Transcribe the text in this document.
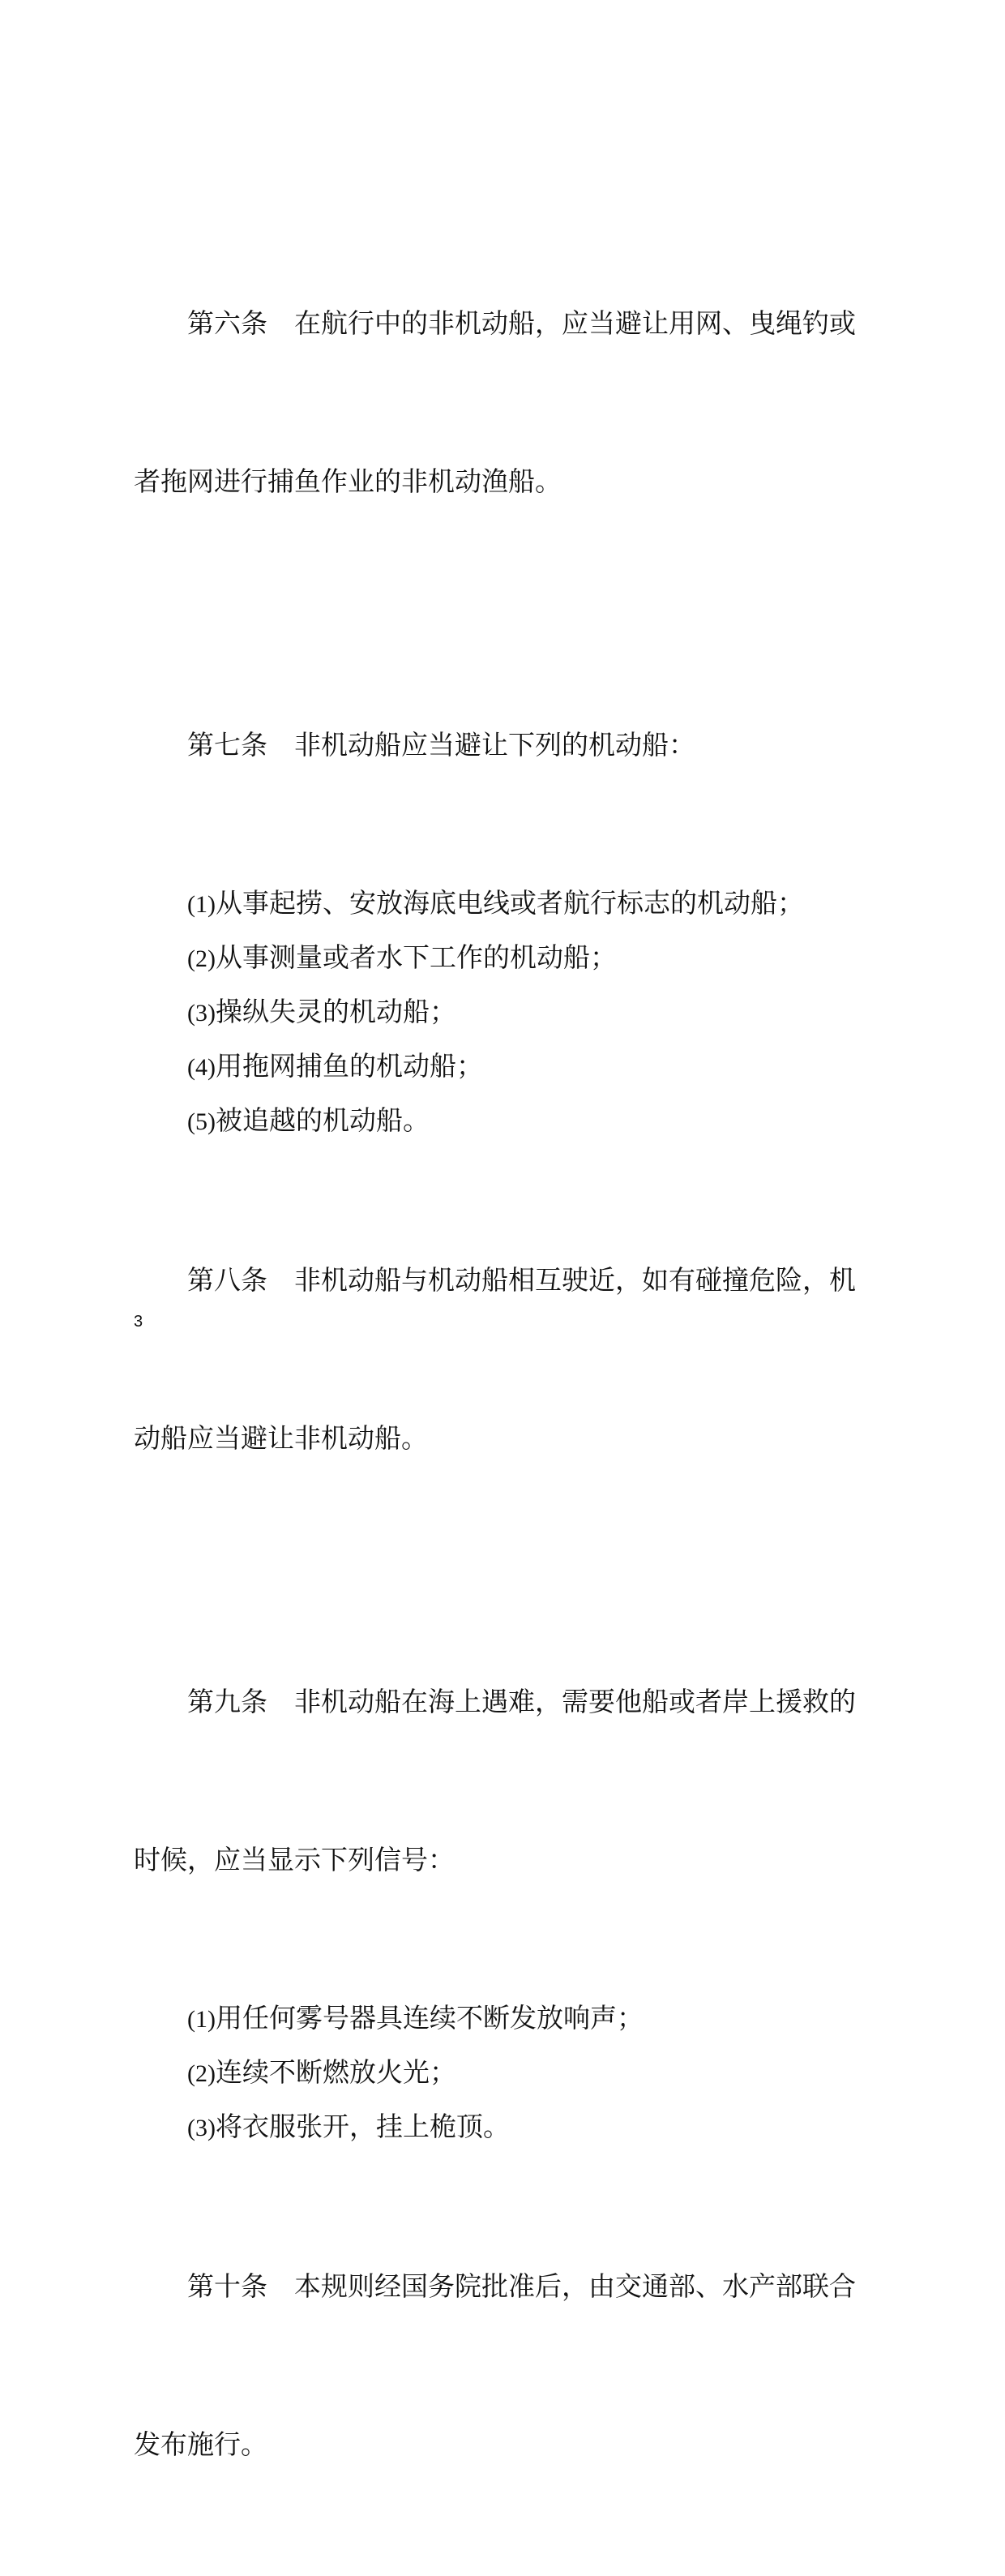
第六条　在航行中的非机动船，应当避让用网、曳绳钓或

者拖网进行捕鱼作业的非机动渔船。

第七条　非机动船应当避让下列的机动船：

(1)从事起捞、安放海底电线或者航行标志的机动船；

(2)从事测量或者水下工作的机动船；

(3)操纵失灵的机动船；

(4)用拖网捕鱼的机动船；

(5)被追越的机动船。

第八条　非机动船与机动船相互驶近，如有碰撞危险，机

动船应当避让非机动船。

第九条　非机动船在海上遇难，需要他船或者岸上援救的

时候，应当显示下列信号：

(1)用任何雾号器具连续不断发放响声；

(2)连续不断燃放火光；

(3)将衣服张开，挂上桅顶。

第十条　本规则经国务院批准后，由交通部、水产部联合

发布施行。

3
